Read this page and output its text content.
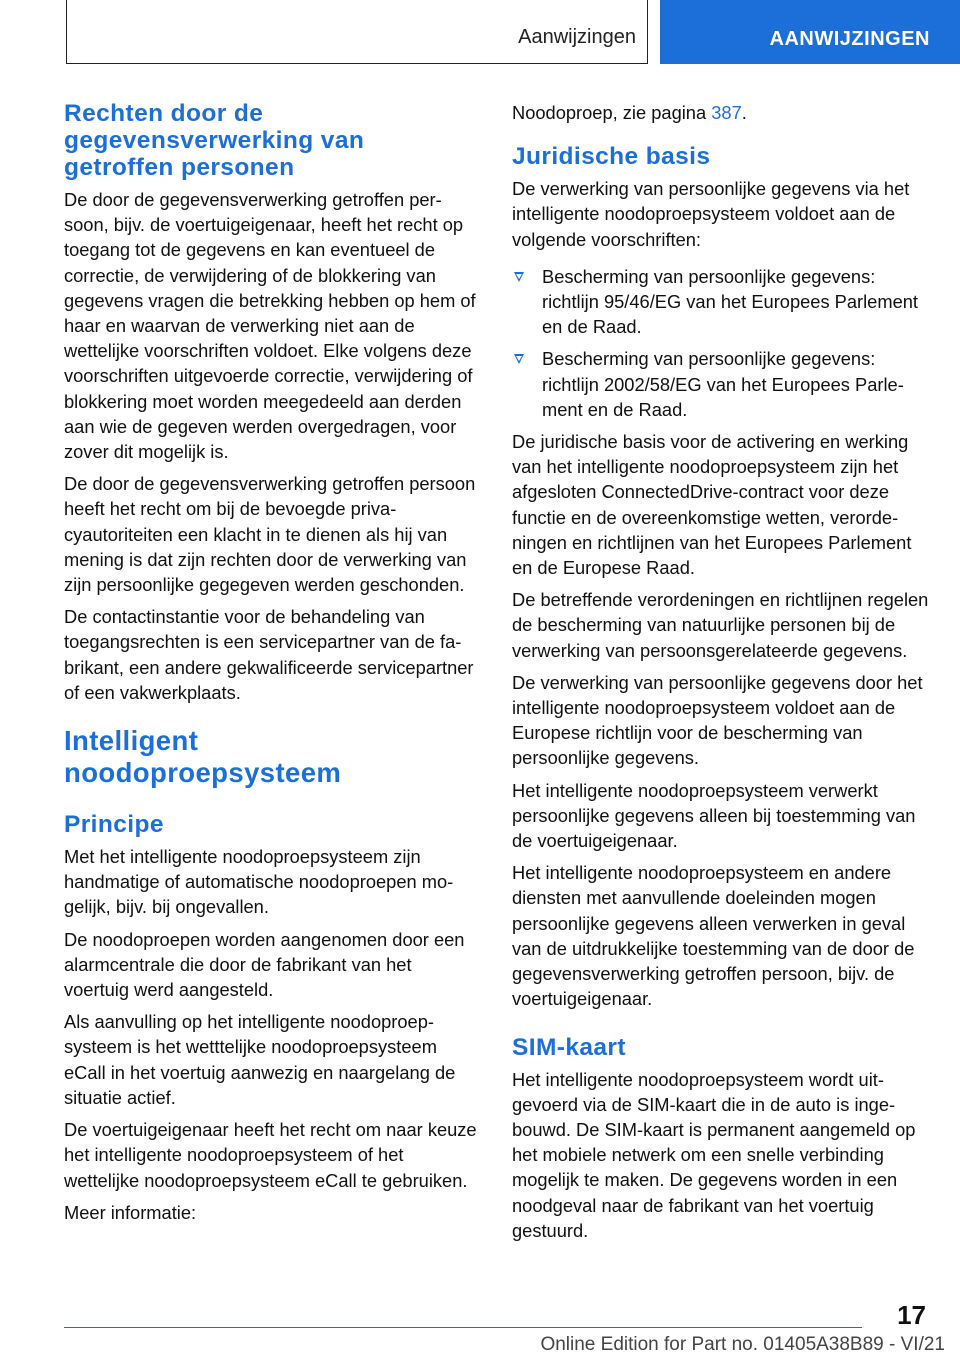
Aanwijzingen	AANWIJZINGEN
Rechten door de gegevensverwerking van getroffen personen

De door de gegevensverwerking getroffen persoon, bijv. de voertuigeigenaar, heeft het recht op toegang tot de gegevens en kan eventueel de correctie, de verwijdering of de blokkering van gegevens vragen die betrekking hebben op hem of haar en waarvan de verwerking niet aan de wettelijke voorschriften voldoet. Elke volgens deze voorschriften uitgevoerde correctie, verwijdering of blokkering moet worden meegedeeld aan derden aan wie de gegeven werden overgedragen, voor zover dit mogelijk is.

De door de gegevensverwerking getroffen persoon heeft het recht om bij de bevoegde privacyautoriteiten een klacht in te dienen als hij van mening is dat zijn rechten door de verwerking van zijn persoonlijke gegegeven werden geschonden.

De contactinstantie voor de behandeling van toegangsrechten is een servicepartner van de fabrikant, een andere gekwalificeerde servicepartner of een vakwerkplaats.

Intelligent noodoproepsysteem
Principe

Met het intelligente noodoproepsysteem zijn handmatige of automatische noodoproepen mogelijk, bijv. bij ongevallen.

De noodoproepen worden aangenomen door een alarmcentrale die door de fabrikant van het voertuig werd aangesteld.

Als aanvulling op het intelligente noodoproepsysteem is het wetttelijke noodoproepsysteem eCall in het voertuig aanwezig en naargelang de situatie actief.

De voertuigeigenaar heeft het recht om naar keuze het intelligente noodoproepsysteem of het wettelijke noodoproepsysteem eCall te gebruiken.

Meer informatie:

Noodoproep, zie pagina 387.

Juridische basis

De verwerking van persoonlijke gegevens via het intelligente noodoproepsysteem voldoet aan de volgende voorschriften:

Bescherming van persoonlijke gegevens: richtlijn 95/46/EG van het Europees Parlement en de Raad.
Bescherming van persoonlijke gegevens: richtlijn 2002/58/EG van het Europees Parlement en de Raad.

De juridische basis voor de activering en werking van het intelligente noodoproepsysteem zijn het afgesloten ConnectedDrive-contract voor deze functie en de overeenkomstige wetten, verordeningen en richtlijnen van het Europees Parlement en de Europese Raad.

De betreffende verordeningen en richtlijnen regelen de bescherming van natuurlijke personen bij de verwerking van persoonsgerelateerde gegevens.

De verwerking van persoonlijke gegevens door het intelligente noodoproepsysteem voldoet aan de Europese richtlijn voor de bescherming van persoonlijke gegevens.

Het intelligente noodoproepsysteem verwerkt persoonlijke gegevens alleen bij toestemming van de voertuigeigenaar.

Het intelligente noodoproepsysteem en andere diensten met aanvullende doeleinden mogen persoonlijke gegevens alleen verwerken in geval van de uitdrukkelijke toestemming van de door de gegevensverwerking getroffen persoon, bijv. de voertuigeigenaar.

SIM-kaart

Het intelligente noodoproepsysteem wordt uitgevoerd via de SIM-kaart die in de auto is ingebouwd. De SIM-kaart is permanent aangemeld op het mobiele netwerk om een snelle verbinding mogelijk te maken. De gegevens worden in een noodgeval naar de fabrikant van het voertuig gestuurd.

17
Online Edition for Part no. 01405A38B89 - VI/21
